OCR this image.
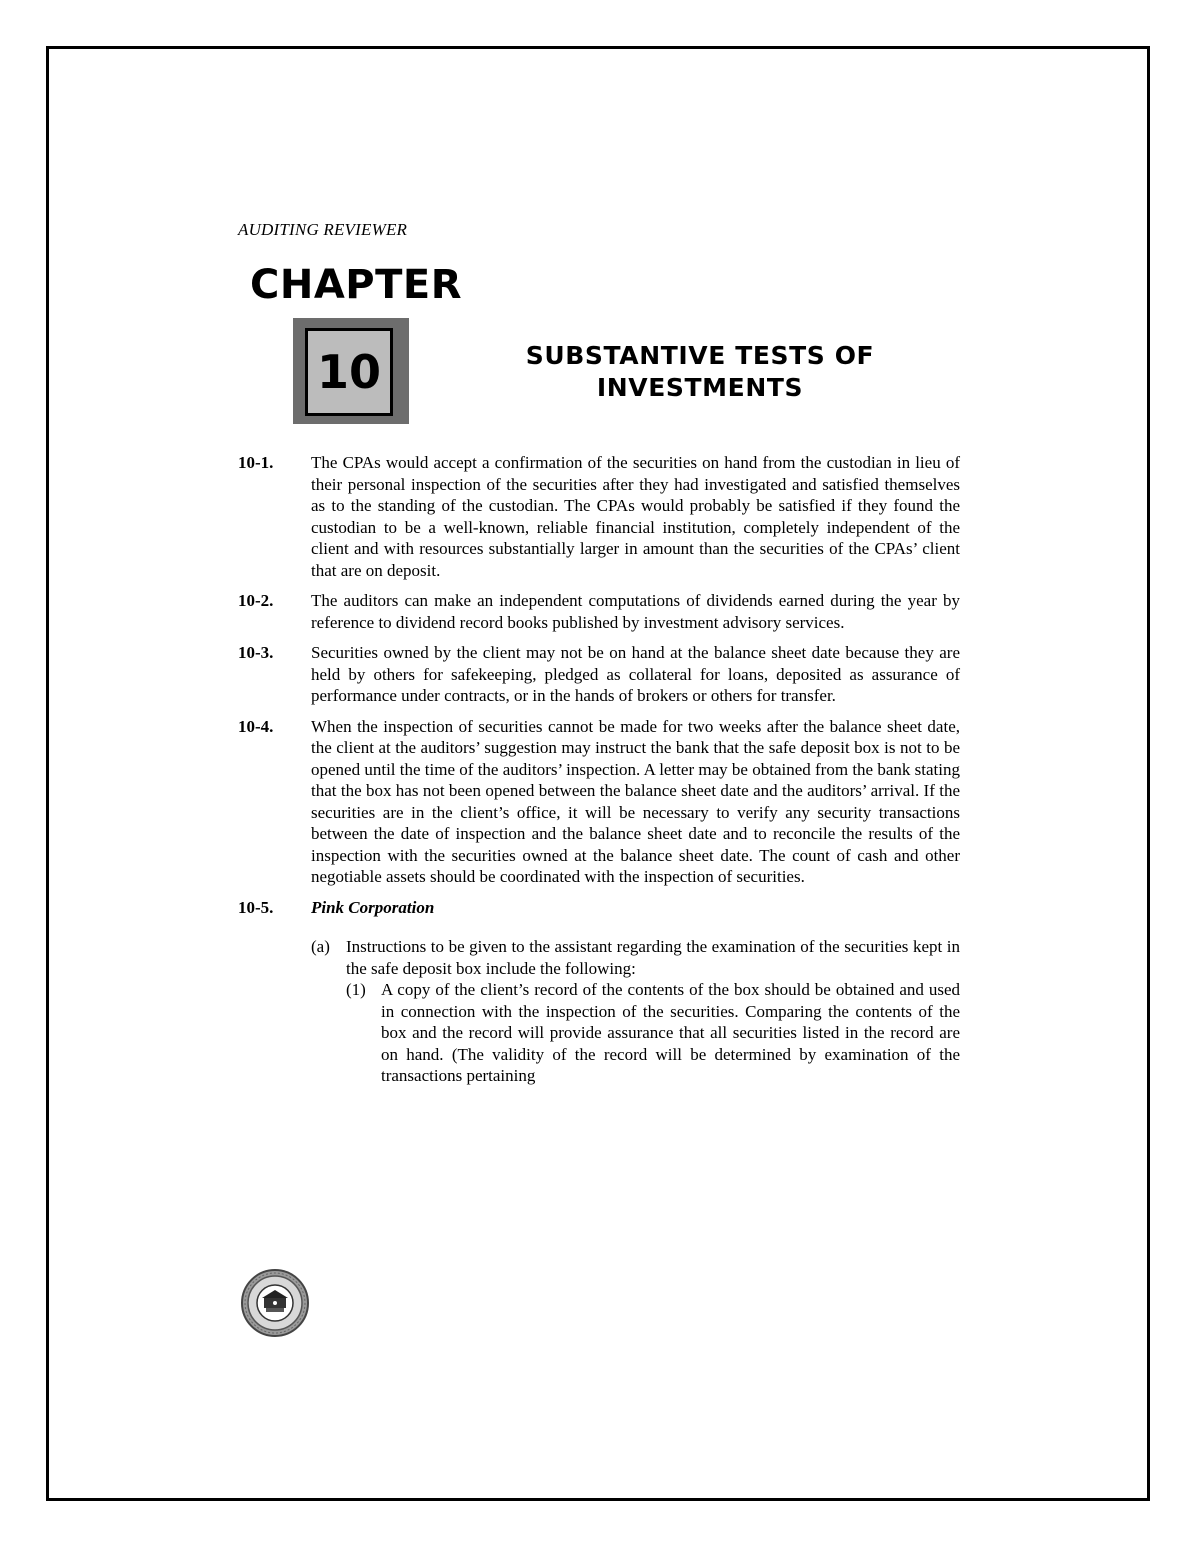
AUDITING REVIEWER
CHAPTER
10	SUBSTANTIVE TESTS OF
INVESTMENTS
10-1.	The CPAs would accept a confirmation of the securities on hand from the custodian in lieu of their personal inspection of the securities after they had investigated and satisfied themselves as to the standing of the custodian. The CPAs would probably be satisfied if they found the custodian to be a well-known, reliable financial institution, completely independent of the client and with resources substantially larger in amount than the securities of the CPAs’ client that are on deposit.
10-2.	The auditors can make an independent computations of dividends earned during the year by reference to dividend record books published by investment advisory services.
10-3.	Securities owned by the client may not be on hand at the balance sheet date because they are held by others for safekeeping, pledged as collateral for loans, deposited as assurance of performance under contracts, or in the hands of brokers or others for transfer.
10-4.	When the inspection of securities cannot be made for two weeks after the balance sheet date, the client at the auditors’ suggestion may instruct the bank that the safe deposit box is not to be opened until the time of the auditors’ inspection. A letter may be obtained from the bank stating that the box has not been opened between the balance sheet date and the auditors’ arrival. If the securities are in the client’s office, it will be necessary to verify any security transactions between the date of inspection and the balance sheet date and to reconcile the results of the inspection with the securities owned at the balance sheet date. The count of cash and other negotiable assets should be coordinated with the inspection of securities.
10-5.	Pink Corporation
(a) Instructions to be given to the assistant regarding the examination of the securities kept in the safe deposit box include the following:
(1) A copy of the client’s record of the contents of the box should be obtained and used in connection with the inspection of the securities. Comparing the contents of the box and the record will provide assurance that all securities listed in the record are on hand. (The validity of the record will be determined by examination of the transactions pertaining
